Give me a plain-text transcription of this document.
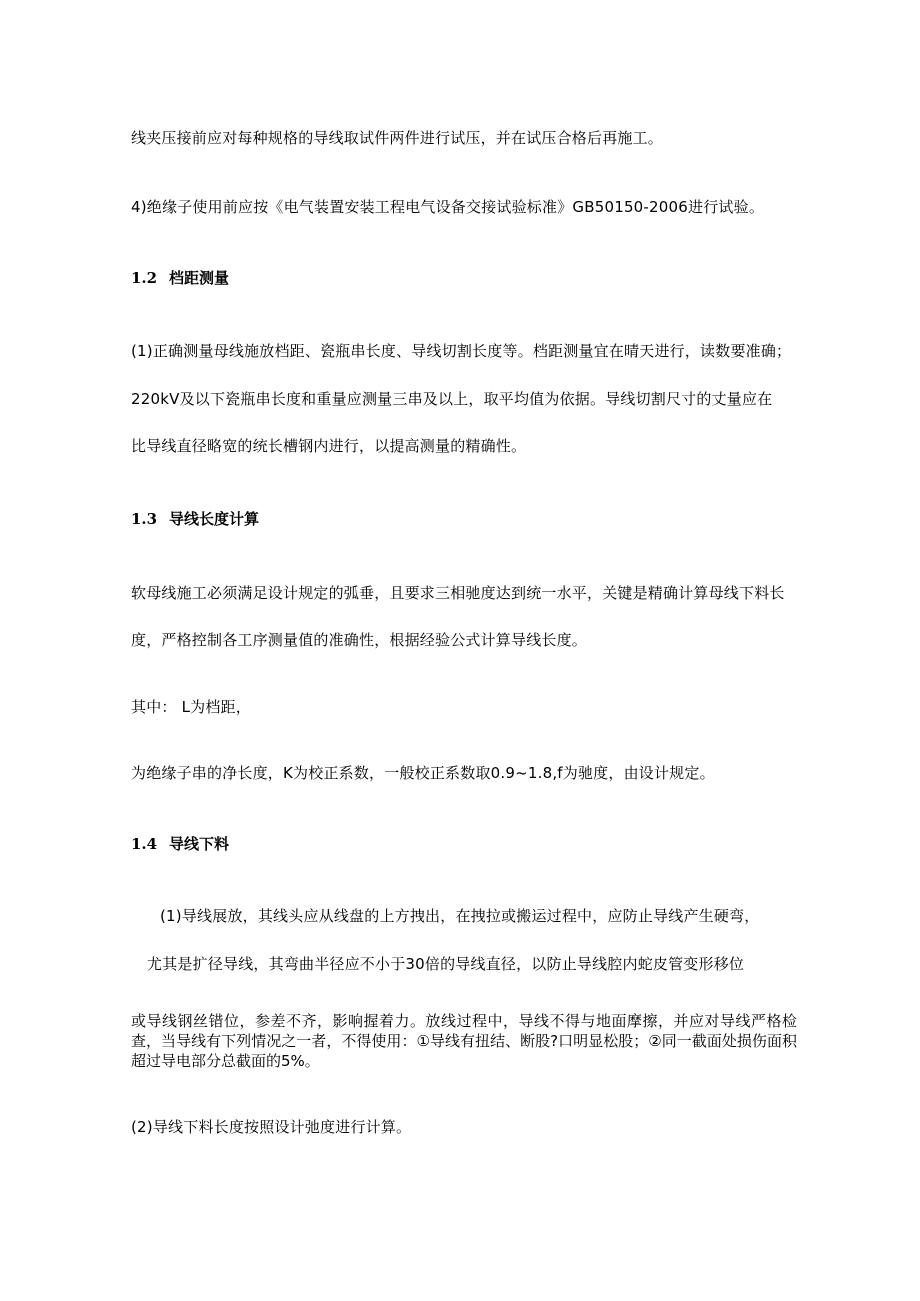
线夹压接前应对每种规格的导线取试件两件进行试压，并在试压合格后再施工。

4)绝缘子使用前应按《电气装置安装工程电气设备交接试验标准》GB50150-2006进行试验。

1.2 档距测量

(1)正确测量母线施放档距、瓷瓶串长度、导线切割长度等。档距测量宜在晴天进行，读数要准确；

220kV及以下瓷瓶串长度和重量应测量三串及以上，取平均值为依据。导线切割尺寸的丈量应在

比导线直径略宽的统长槽钢内进行，以提高测量的精确性。

1.3 导线长度计算

软母线施工必须满足设计规定的弧垂，且要求三相驰度达到统一水平，关键是精确计算母线下料长

度，严格控制各工序测量值的准确性，根据经验公式计算导线长度。

其中： L为档距，

为绝缘子串的净长度，K为校正系数，一般校正系数取0.9~1.8,f为驰度，由设计规定。

1.4 导线下料

(1)导线展放，其线头应从线盘的上方拽出，在拽拉或搬运过程中，应防止导线产生硬弯，

尤其是扩径导线，其弯曲半径应不小于30倍的导线直径，以防止导线腔内蛇皮管变形移位

或导线钢丝错位，参差不齐，影响握着力。放线过程中，导线不得与地面摩擦，并应对导线严格检查，当导线有下列情况之一者，不得使用：①导线有扭结、断股?口明显松股；②同一截面处损伤面积超过导电部分总截面的5%。

(2)导线下料长度按照设计弛度进行计算。
